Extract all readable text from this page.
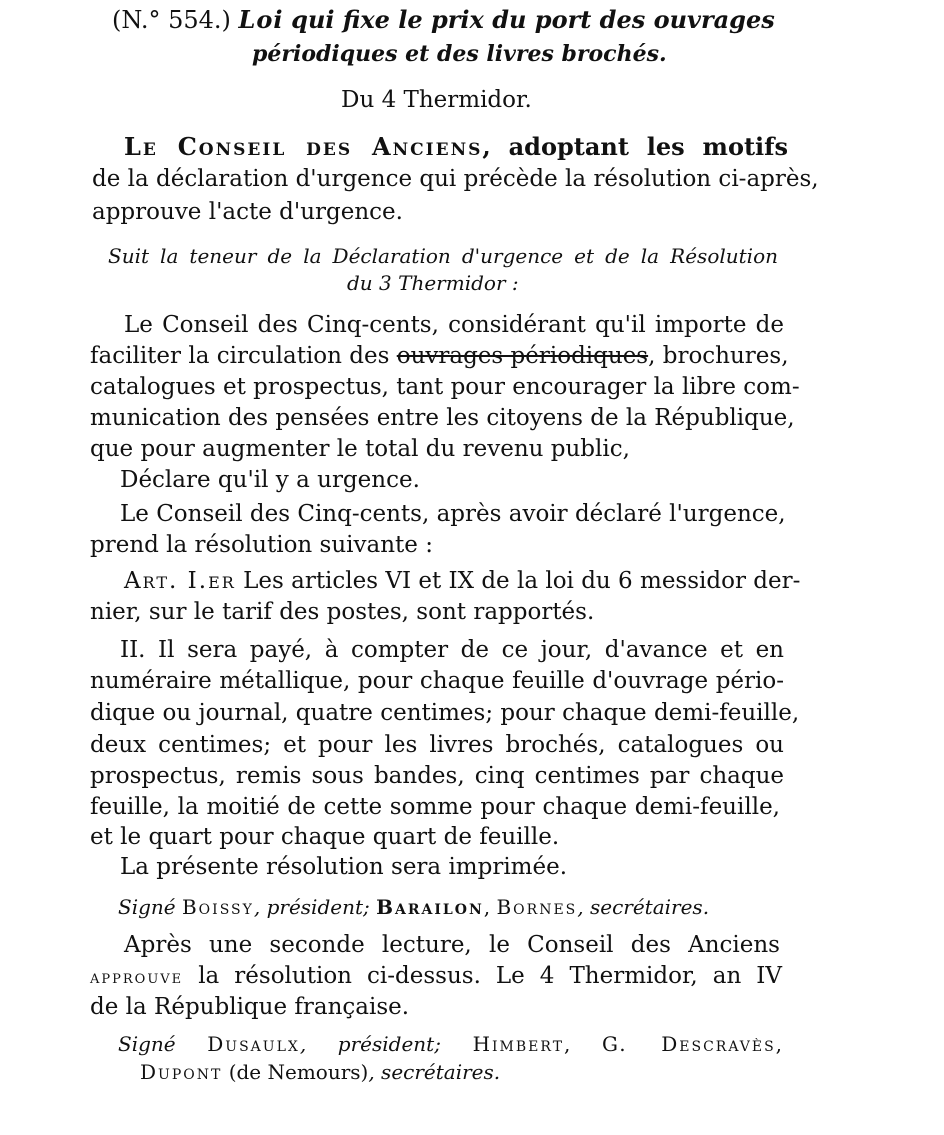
(N.° 554.) Loi qui fixe le prix du port des ouvrages
périodiques et des livres brochés.
Du 4 Thermidor.
Le Conseil des Anciens, adoptant les motifs
de la déclaration d'urgence qui précède la résolution ci-après,
approuve l'acte d'urgence.
Suit la teneur de la Déclaration d'urgence et de la Résolution
du 3 Thermidor :
Le Conseil des Cinq-cents, considérant qu'il importe de
faciliter la circulation des ouvrages périodiques, brochures,
catalogues et prospectus, tant pour encourager la libre com-
munication des pensées entre les citoyens de la République,
que pour augmenter le total du revenu public,
Déclare qu'il y a urgence.
Le Conseil des Cinq-cents, après avoir déclaré l'urgence,
prend la résolution suivante :
Art. I.er Les articles VI et IX de la loi du 6 messidor der-
nier, sur le tarif des postes, sont rapportés.
II. Il sera payé, à compter de ce jour, d'avance et en
numéraire métallique, pour chaque feuille d'ouvrage pério-
dique ou journal, quatre centimes; pour chaque demi-feuille,
deux centimes; et pour les livres brochés, catalogues ou
prospectus, remis sous bandes, cinq centimes par chaque
feuille, la moitié de cette somme pour chaque demi-feuille,
et le quart pour chaque quart de feuille.
La présente résolution sera imprimée.
Signé Boissy, président; Barailon, Bornes, secrétaires.
Après une seconde lecture, le Conseil des Anciens
approuve la résolution ci-dessus. Le 4 Thermidor, an IV
de la République française.
Signé Dusaulx, président; Himbert, G. Descravès,
Dupont (de Nemours), secrétaires.
